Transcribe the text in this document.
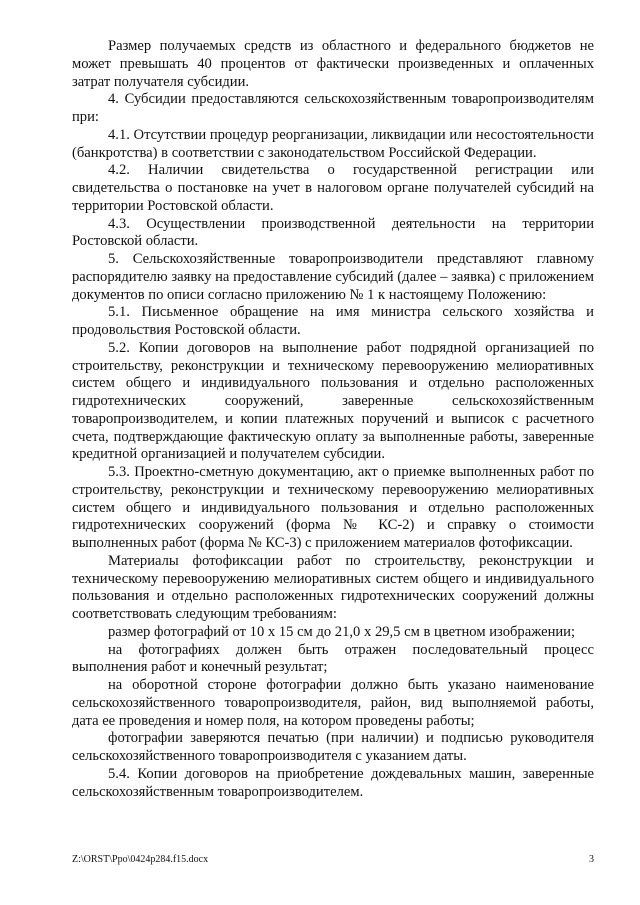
Размер получаемых средств из областного и федерального бюджетов не может превышать 40 процентов от фактически произведенных и оплаченных затрат получателя субсидии.

4. Субсидии предоставляются сельскохозяйственным товаропроизводителям при:

4.1. Отсутствии процедур реорганизации, ликвидации или несостоятельности (банкротства) в соответствии с законодательством Российской Федерации.

4.2. Наличии свидетельства о государственной регистрации или свидетельства о постановке на учет в налоговом органе получателей субсидий на территории Ростовской области.

4.3. Осуществлении производственной деятельности на территории Ростовской области.

5. Сельскохозяйственные товаропроизводители представляют главному распорядителю заявку на предоставление субсидий (далее – заявка) с приложением документов по описи согласно приложению № 1 к настоящему Положению:

5.1. Письменное обращение на имя министра сельского хозяйства и продовольствия Ростовской области.

5.2. Копии договоров на выполнение работ подрядной организацией по строительству, реконструкции и техническому перевооружению мелиоративных систем общего и индивидуального пользования и отдельно расположенных гидротехнических сооружений, заверенные сельскохозяйственным товаропроизводителем, и копии платежных поручений и выписок с расчетного счета, подтверждающие фактическую оплату за выполненные работы, заверенные кредитной организацией и получателем субсидии.

5.3. Проектно-сметную документацию, акт о приемке выполненных работ по строительству, реконструкции и техническому перевооружению мелиоративных систем общего и индивидуального пользования и отдельно расположенных гидротехнических сооружений (форма № КС-2) и справку о стоимости выполненных работ (форма № КС-3) с приложением материалов фотофиксации.

Материалы фотофиксации работ по строительству, реконструкции и техническому перевооружению мелиоративных систем общего и индивидуального пользования и отдельно расположенных гидротехнических сооружений должны соответствовать следующим требованиям:

размер фотографий от 10 х 15 см до 21,0 х 29,5 см в цветном изображении;

на фотографиях должен быть отражен последовательный процесс выполнения работ и конечный результат;

на оборотной стороне фотографии должно быть указано наименование сельскохозяйственного товаропроизводителя, район, вид выполняемой работы, дата ее проведения и номер поля, на котором проведены работы;

фотографии заверяются печатью (при наличии) и подписью руководителя сельскохозяйственного товаропроизводителя с указанием даты.

5.4. Копии договоров на приобретение дождевальных машин, заверенные сельскохозяйственным товаропроизводителем.

Z:\ORST\Ppo\0424p284.f15.docx	3
